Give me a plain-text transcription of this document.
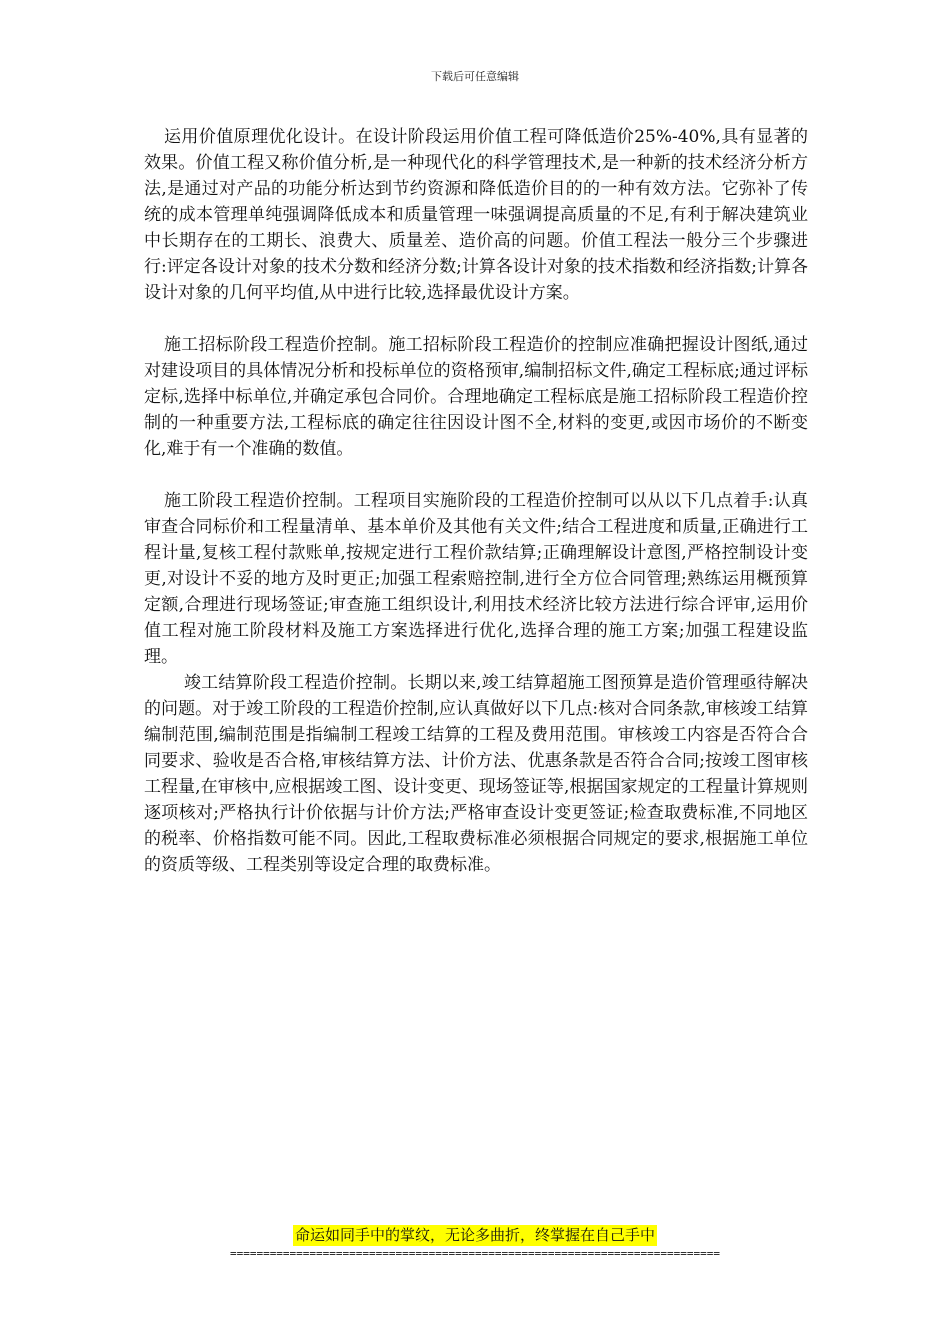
下载后可任意编辑

运用价值原理优化设计。在设计阶段运用价值工程可降低造价25%-40%,具有显著的效果。价值工程又称价值分析,是一种现代化的科学管理技术,是一种新的技术经济分析方法,是通过对产品的功能分析达到节约资源和降低造价目的的一种有效方法。它弥补了传统的成本管理单纯强调降低成本和质量管理一味强调提高质量的不足,有利于解决建筑业中长期存在的工期长、浪费大、质量差、造价高的问题。价值工程法一般分三个步骤进行:评定各设计对象的技术分数和经济分数;计算各设计对象的技术指数和经济指数;计算各设计对象的几何平均值,从中进行比较,选择最优设计方案。

施工招标阶段工程造价控制。施工招标阶段工程造价的控制应准确把握设计图纸,通过对建设项目的具体情况分析和投标单位的资格预审,编制招标文件,确定工程标底;通过评标定标,选择中标单位,并确定承包合同价。合理地确定工程标底是施工招标阶段工程造价控制的一种重要方法,工程标底的确定往往因设计图不全,材料的变更,或因市场价的不断变化,难于有一个准确的数值。

施工阶段工程造价控制。工程项目实施阶段的工程造价控制可以从以下几点着手:认真审查合同标价和工程量清单、基本单价及其他有关文件;结合工程进度和质量,正确进行工程计量,复核工程付款账单,按规定进行工程价款结算;正确理解设计意图,严格控制设计变更,对设计不妥的地方及时更正;加强工程索赔控制,进行全方位合同管理;熟练运用概预算定额,合理进行现场签证;审查施工组织设计,利用技术经济比较方法进行综合评审,运用价值工程对施工阶段材料及施工方案选择进行优化,选择合理的施工方案;加强工程建设监理。

竣工结算阶段工程造价控制。长期以来,竣工结算超施工图预算是造价管理亟待解决的问题。对于竣工阶段的工程造价控制,应认真做好以下几点:核对合同条款,审核竣工结算编制范围,编制范围是指编制工程竣工结算的工程及费用范围。审核竣工内容是否符合合同要求、验收是否合格,审核结算方法、计价方法、优惠条款是否符合合同;按竣工图审核工程量,在审核中,应根据竣工图、设计变更、现场签证等,根据国家规定的工程量计算规则逐项核对;严格执行计价依据与计价方法;严格审查设计变更签证;检查取费标准,不同地区的税率、价格指数可能不同。因此,工程取费标准必须根据合同规定的要求,根据施工单位的资质等级、工程类别等设定合理的取费标准。

命运如同手中的掌纹，无论多曲折，终掌握在自己手中
==========================================================================
